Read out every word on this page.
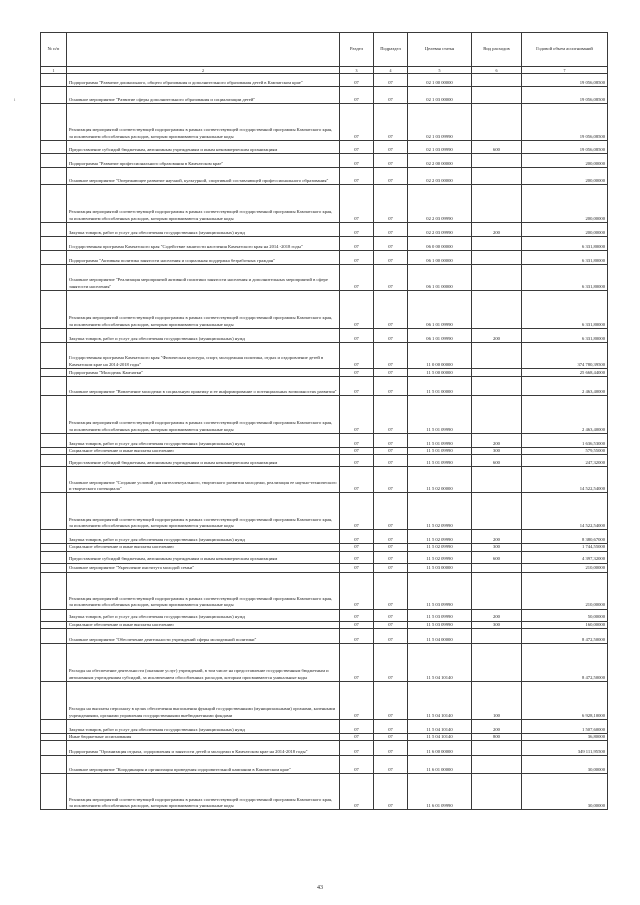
№ п/п		Раздел	Подраздел	Целевая статья	Вид расходов	Годовой объем ассигнований
1	2	3	4	5	6	7
	Подпрограмма "Развитие дошкольного, общего образования и дополнительного образования детей в Камчатском крае"	07	07	02 1 00 00000		19 056,08500
	Основное мероприятие "Развитие сферы дополнительного образования и социализации детей"	07	07	02 1 03 00000		19 056,08500
	Реализация мероприятий соответствующей подпрограммы в рамках соответствующей государственной программы Камчатского края, за исключением обособленных расходов, которым присваиваются уникальные коды	07	07	02 1 03 09990		19 056,08500
	Предоставление субсидий бюджетным, автономным учреждениям и иным некоммерческим организациям	07	07	02 1 03 09990	600	19 056,08500
	Подпрограмма "Развитие профессионального образования в Камчатском крае"	07	07	02 2 00 00000		200,00000
	Основное мероприятие "Опережающее развитие научной, культурной, спортивной составляющей профессионального образования"	07	07	02 2 03 00000		200,00000
	Реализация мероприятий соответствующей подпрограммы в рамках соответствующей государственной программы Камчатского края, за исключением обособленных расходов, которым присваиваются уникальные коды	07	07	02 2 03 09990		200,00000
	Закупка товаров, работ и услуг для обеспечения государственных (муниципальных) нужд	07	07	02 2 03 09990	200	200,00000
	Государственная программа Камчатского края "Содействие занятости населения Камчатского края на 2014 -2018 годы"	07	07	06 0 00 00000		6 331,80000
	Подпрограмма "Активная политика занятости населения и социальная поддержка безработных граждан"	07	07	06 1 00 00000		6 331,80000
	Основное мероприятие "Реализация мероприятий активной политики занятости населения и дополнительных мероприятий в сфере занятости населения"	07	07	06 1 01 00000		6 331,80000
	Реализация мероприятий соответствующей подпрограммы в рамках соответствующей государственной программы Камчатского края, за исключением обособленных расходов, которым присваиваются уникальные коды	07	07	06 1 01 09990		6 331,80000
	Закупка товаров, работ и услуг для обеспечения государственных (муниципальных) нужд	07	07	06 1 01 09990	200	6 331,80000
	Государственная программа Камчатского края "Физическая культура, спорт, молодежная политика, отдых и оздоровление детей в Камчатском крае на 2014-2018 годы"	07	07	11 0 00 00000		374 780,39500
	Подпрограмма "Молодежь Камчатки"	07	07	11 5 00 00000		25 668,44000
	Основное мероприятие "Вовлечение молодежи в социальную практику и ее информирование о потенциальных возможностях развития"	07	07	11 5 01 00000		2 463,40000
	Реализация мероприятий соответствующей подпрограммы в рамках соответствующей государственной программы Камчатского края, за исключением обособленных расходов, которым присваиваются уникальные коды	07	07	11 5 01 09990		2 463,40000
	Закупка товаров, работ и услуг для обеспечения государственных (муниципальных) нужд	07	07	11 5 01 09990	200	1 636,53000
	Социальное обеспечение и иные выплаты населению	07	07	11 5 01 09990	300	579,55000
	Предоставление субсидий бюджетным, автономным учреждениям и иным некоммерческим организациям	07	07	11 5 01 09990	600	247,32000
	Основное мероприятие "Создание условий для интеллектуального, творческого развития молодежи, реализация ее научно-технического и творческого потенциала"	07	07	11 5 02 00000		14 522,54000
	Реализация мероприятий соответствующей подпрограммы в рамках соответствующей государственной программы Камчатского края, за исключением обособленных расходов, которым присваиваются уникальные коды	07	07	11 5 02 09990		14 522,54000
	Закупка товаров, работ и услуг для обеспечения государственных (муниципальных) нужд	07	07	11 5 02 09990	200	8 380,67000
	Социальное обеспечение и иные выплаты населению	07	07	11 5 02 09990	300	1 744,55000
	Предоставление субсидий бюджетным, автономным учреждениям и иным некоммерческим организациям	07	07	11 5 02 09990	600	4 397,32000
	Основное мероприятие "Укрепление института молодой семьи"	07	07	11 5 03 00000		210,00000
	Реализация мероприятий соответствующей подпрограммы в рамках соответствующей государственной программы Камчатского края, за исключением обособленных расходов, которым присваиваются уникальные коды	07	07	11 5 03 09990		210,00000
	Закупка товаров, работ и услуг для обеспечения государственных (муниципальных) нужд	07	07	11 5 03 09990	200	50,00000
	Социальное обеспечение и иные выплаты населению	07	07	11 5 03 09990	300	160,00000
	Основное мероприятие "Обеспечение деятельности учреждений сферы молодежной политики"	07	07	11 5 04 00000		8 472,50000
	Расходы на обеспечение деятельности (оказание услуг) учреждений, в том числе на предоставление государственным бюджетным и автономным учреждениям субсидий, за исключением обособленных расходов, которым присваиваются уникальные коды	07	07	11 5 04 10140		8 472,50000
	Расходы на выплаты персоналу в целях обеспечения выполнения функций государственными (муниципальными) органами, казенными учреждениями, органами управления государственными внебюджетными фондами	07	07	11 5 04 10140	100	6 928,10000
	Закупка товаров, работ и услуг для обеспечения государственных (муниципальных) нужд	07	07	11 5 04 10140	200	1 507,60000
	Иные бюджетные ассигнования	07	07	11 5 04 10140	800	36,80000
	Подпрограмма "Организация отдыха, оздоровления и занятости детей и молодежи в Камчатском крае на 2014-2018 годы"	07	07	11 6 00 00000		349 111,95500
	Основное мероприятие "Координация и организация проведения оздоровительной кампании в Камчатском крае"	07	07	11 6 01 00000		30,00000
	Реализация мероприятий соответствующей подпрограммы в рамках соответствующей государственной программы Камчатского края, за исключением обособленных расходов, которым присваиваются уникальные коды	07	07	11 6 01 09990		30,00000
ı
43
